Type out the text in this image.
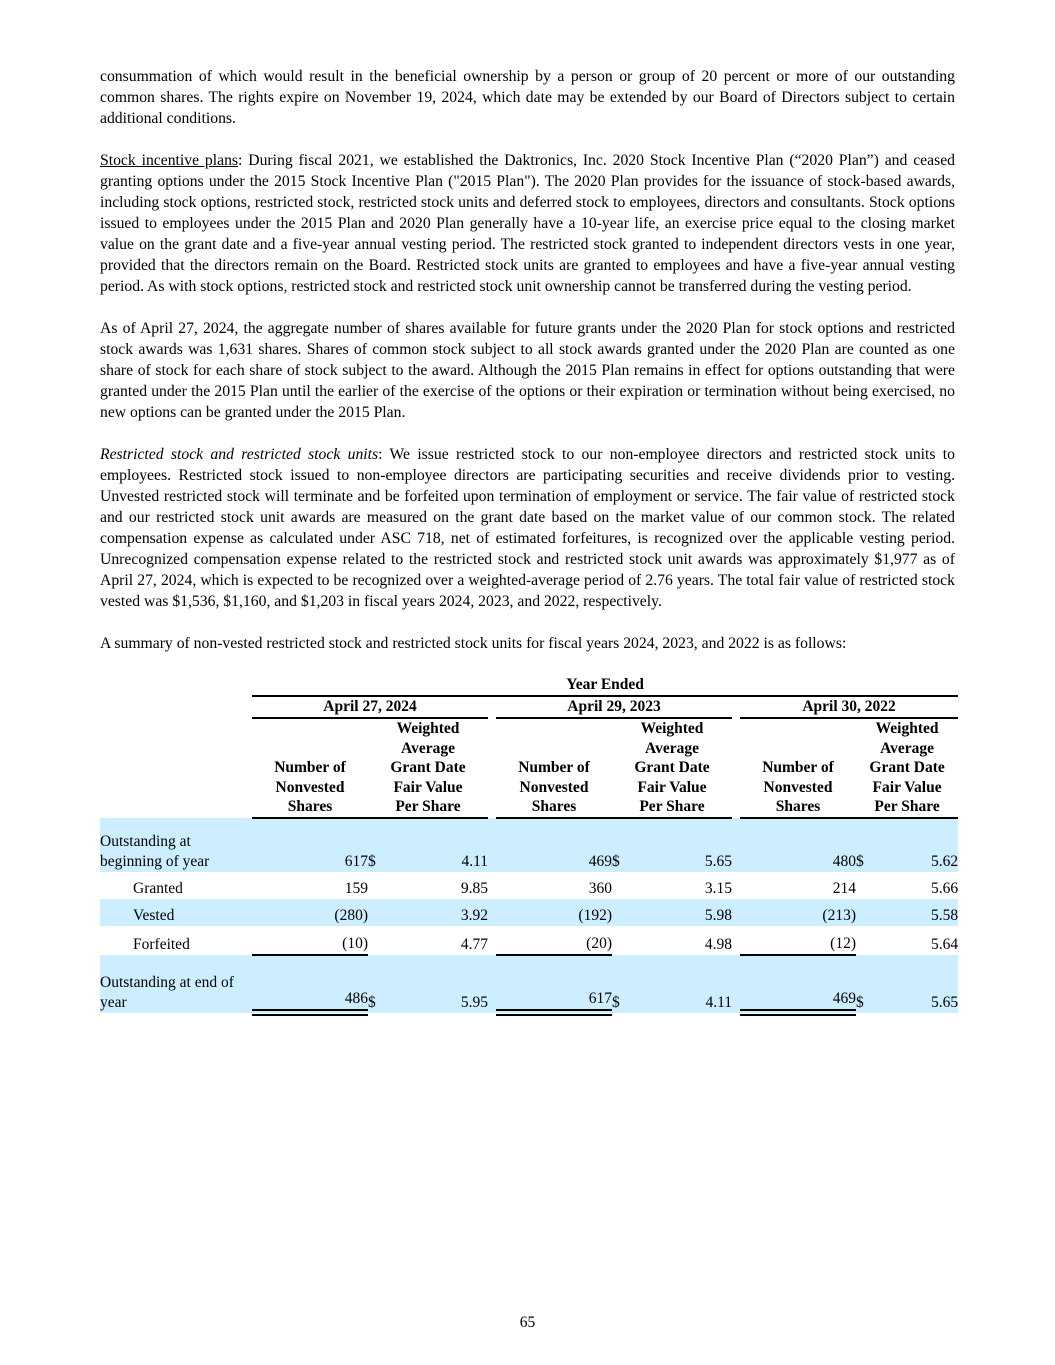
consummation of which would result in the beneficial ownership by a person or group of 20 percent or more of our outstanding common shares. The rights expire on November 19, 2024, which date may be extended by our Board of Directors subject to certain additional conditions.

Stock incentive plans: During fiscal 2021, we established the Daktronics, Inc. 2020 Stock Incentive Plan (“2020 Plan”) and ceased granting options under the 2015 Stock Incentive Plan ("2015 Plan"). The 2020 Plan provides for the issuance of stock-based awards, including stock options, restricted stock, restricted stock units and deferred stock to employees, directors and consultants. Stock options issued to employees under the 2015 Plan and 2020 Plan generally have a 10-year life, an exercise price equal to the closing market value on the grant date and a five-year annual vesting period. The restricted stock granted to independent directors vests in one year, provided that the directors remain on the Board. Restricted stock units are granted to employees and have a five-year annual vesting period. As with stock options, restricted stock and restricted stock unit ownership cannot be transferred during the vesting period.

As of April 27, 2024, the aggregate number of shares available for future grants under the 2020 Plan for stock options and restricted stock awards was 1,631 shares. Shares of common stock subject to all stock awards granted under the 2020 Plan are counted as one share of stock for each share of stock subject to the award. Although the 2015 Plan remains in effect for options outstanding that were granted under the 2015 Plan until the earlier of the exercise of the options or their expiration or termination without being exercised, no new options can be granted under the 2015 Plan.

Restricted stock and restricted stock units: We issue restricted stock to our non-employee directors and restricted stock units to employees. Restricted stock issued to non-employee directors are participating securities and receive dividends prior to vesting. Unvested restricted stock will terminate and be forfeited upon termination of employment or service. The fair value of restricted stock and our restricted stock unit awards are measured on the grant date based on the market value of our common stock. The related compensation expense as calculated under ASC 718, net of estimated forfeitures, is recognized over the applicable vesting period. Unrecognized compensation expense related to the restricted stock and restricted stock unit awards was approximately $1,977 as of April 27, 2024, which is expected to be recognized over a weighted-average period of 2.76 years. The total fair value of restricted stock vested was $1,536, $1,160, and $1,203 in fiscal years 2024, 2023, and 2022, respectively.

A summary of non-vested restricted stock and restricted stock units for fiscal years 2024, 2023, and 2022 is as follows:

	Year Ended										
	April 27, 2024				April 29, 2023				April 30, 2022		
	Number of
Nonvested
Shares	Weighted
Average
Grant Date
Fair Value
Per Share			Number of
Nonvested
Shares	Weighted
Average
Grant Date
Fair Value
Per Share			Number of
Nonvested
Shares	Weighted
Average
Grant Date
Fair Value
Per Share	
Outstanding at beginning of year	617	$	4.11		469	$	5.65		480	$	5.62
Granted	159		9.85		360		3.15		214		5.66
Vested	(280)		3.92		(192)		5.98		(213)		5.58
Forfeited	(10)		4.77		(20)		4.98		(12)		5.64
Outstanding at end of year	486	$	5.95		617	$	4.11		469	$	5.65
65
